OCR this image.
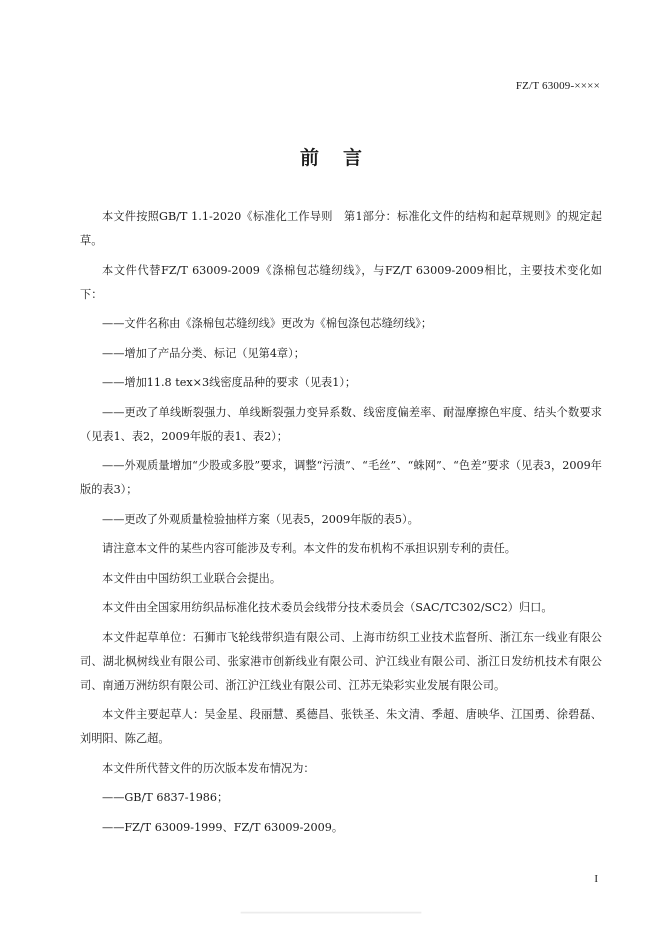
FZ/T 63009-××××
前言

本文件按照GB/T 1.1-2020《标准化工作导则　第1部分：标准化文件的结构和起草规则》的规定起草。

本文件代替FZ/T 63009-2009《涤棉包芯缝纫线》，与FZ/T 63009-2009相比，主要技术变化如下：

——文件名称由《涤棉包芯缝纫线》更改为《棉包涤包芯缝纫线》；

——增加了产品分类、标记（见第4章）；

——增加11.8 tex×3线密度品种的要求（见表1）；

——更改了单线断裂强力、单线断裂强力变异系数、线密度偏差率、耐湿摩擦色牢度、结头个数要求（见表1、表2，2009年版的表1、表2）；

——外观质量增加“少股或多股”要求，调整“污渍”、“毛丝”、“蛛网”、“色差”要求（见表3，2009年版的表3）；

——更改了外观质量检验抽样方案（见表5，2009年版的表5）。

请注意本文件的某些内容可能涉及专利。本文件的发布机构不承担识别专利的责任。

本文件由中国纺织工业联合会提出。

本文件由全国家用纺织品标准化技术委员会线带分技术委员会（SAC/TC302/SC2）归口。

本文件起草单位：石狮市飞轮线带织造有限公司、上海市纺织工业技术监督所、浙江东一线业有限公司、湖北枫树线业有限公司、张家港市创新线业有限公司、沪江线业有限公司、浙江日发纺机技术有限公司、南通万洲纺织有限公司、浙江沪江线业有限公司、江苏无染彩实业发展有限公司。

本文件主要起草人：吴金星、段丽慧、奚德昌、张铁圣、朱文清、季超、唐映华、江国勇、徐碧磊、刘明阳、陈乙超。

本文件所代替文件的历次版本发布情况为：

——GB/T 6837-1986；

——FZ/T 63009-1999、FZ/T 63009-2009。

I
━━━━━━━━━━━━━━━━━━━━━━━━━━━━━━
